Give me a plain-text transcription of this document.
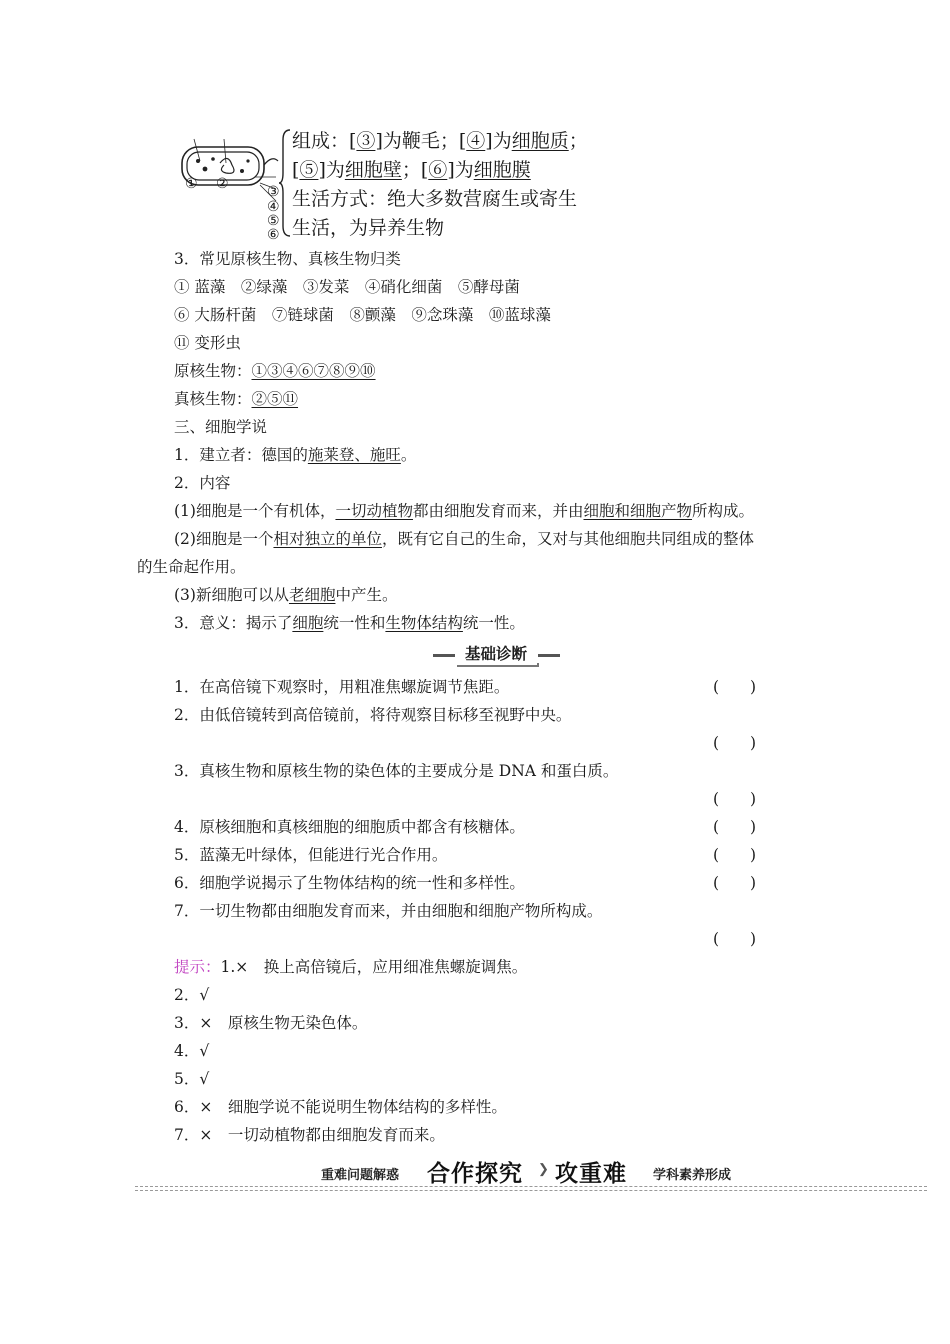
① ②	③
④
⑤
⑥
组成：[③]为鞭毛；[④]为细胞质；
[⑤]为细胞壁；[⑥]为细胞膜
生活方式：绝大多数营腐生或寄生
生活，为异养生物
3．常见原核生物、真核生物归类
① 蓝藻　②绿藻　③发菜　④硝化细菌　⑤酵母菌
⑥ 大肠杆菌　⑦链球菌　⑧颤藻　⑨念珠藻　⑩蓝球藻
⑪ 变形虫
原核生物：①③④⑥⑦⑧⑨⑩
真核生物：②⑤⑪
三、细胞学说
1．建立者：德国的施莱登、施旺。
2．内容
(1)细胞是一个有机体，一切动植物都由细胞发育而来，并由细胞和细胞产物所构成。
(2)细胞是一个相对独立的单位，既有它自己的生命，又对与其他细胞共同组成的整体
的生命起作用。
(3)新细胞可以从老细胞中产生。
3．意义：揭示了细胞统一性和生物体结构统一性。
基础诊断
1．在高倍镜下观察时，用粗准焦螺旋调节焦距。	(　　)
2．由低倍镜转到高倍镜前，将待观察目标移至视野中央。
(　　)
3．真核生物和原核生物的染色体的主要成分是 DNA 和蛋白质。
(　　)
4．原核细胞和真核细胞的细胞质中都含有核糖体。	(　　)
5．蓝藻无叶绿体，但能进行光合作用。	(　　)
6．细胞学说揭示了生物体结构的统一性和多样性。	(　　)
7．一切生物都由细胞发育而来，并由细胞和细胞产物所构成。
(　　)
提示：1.×　换上高倍镜后，应用细准焦螺旋调焦。
2．√
3．×　原核生物无染色体。
4．√
5．√
6．×　细胞学说不能说明生物体结构的多样性。
7．×　一切动植物都由细胞发育而来。
重难问题解惑 合作探究 ❯ 攻重难 学科素养形成
